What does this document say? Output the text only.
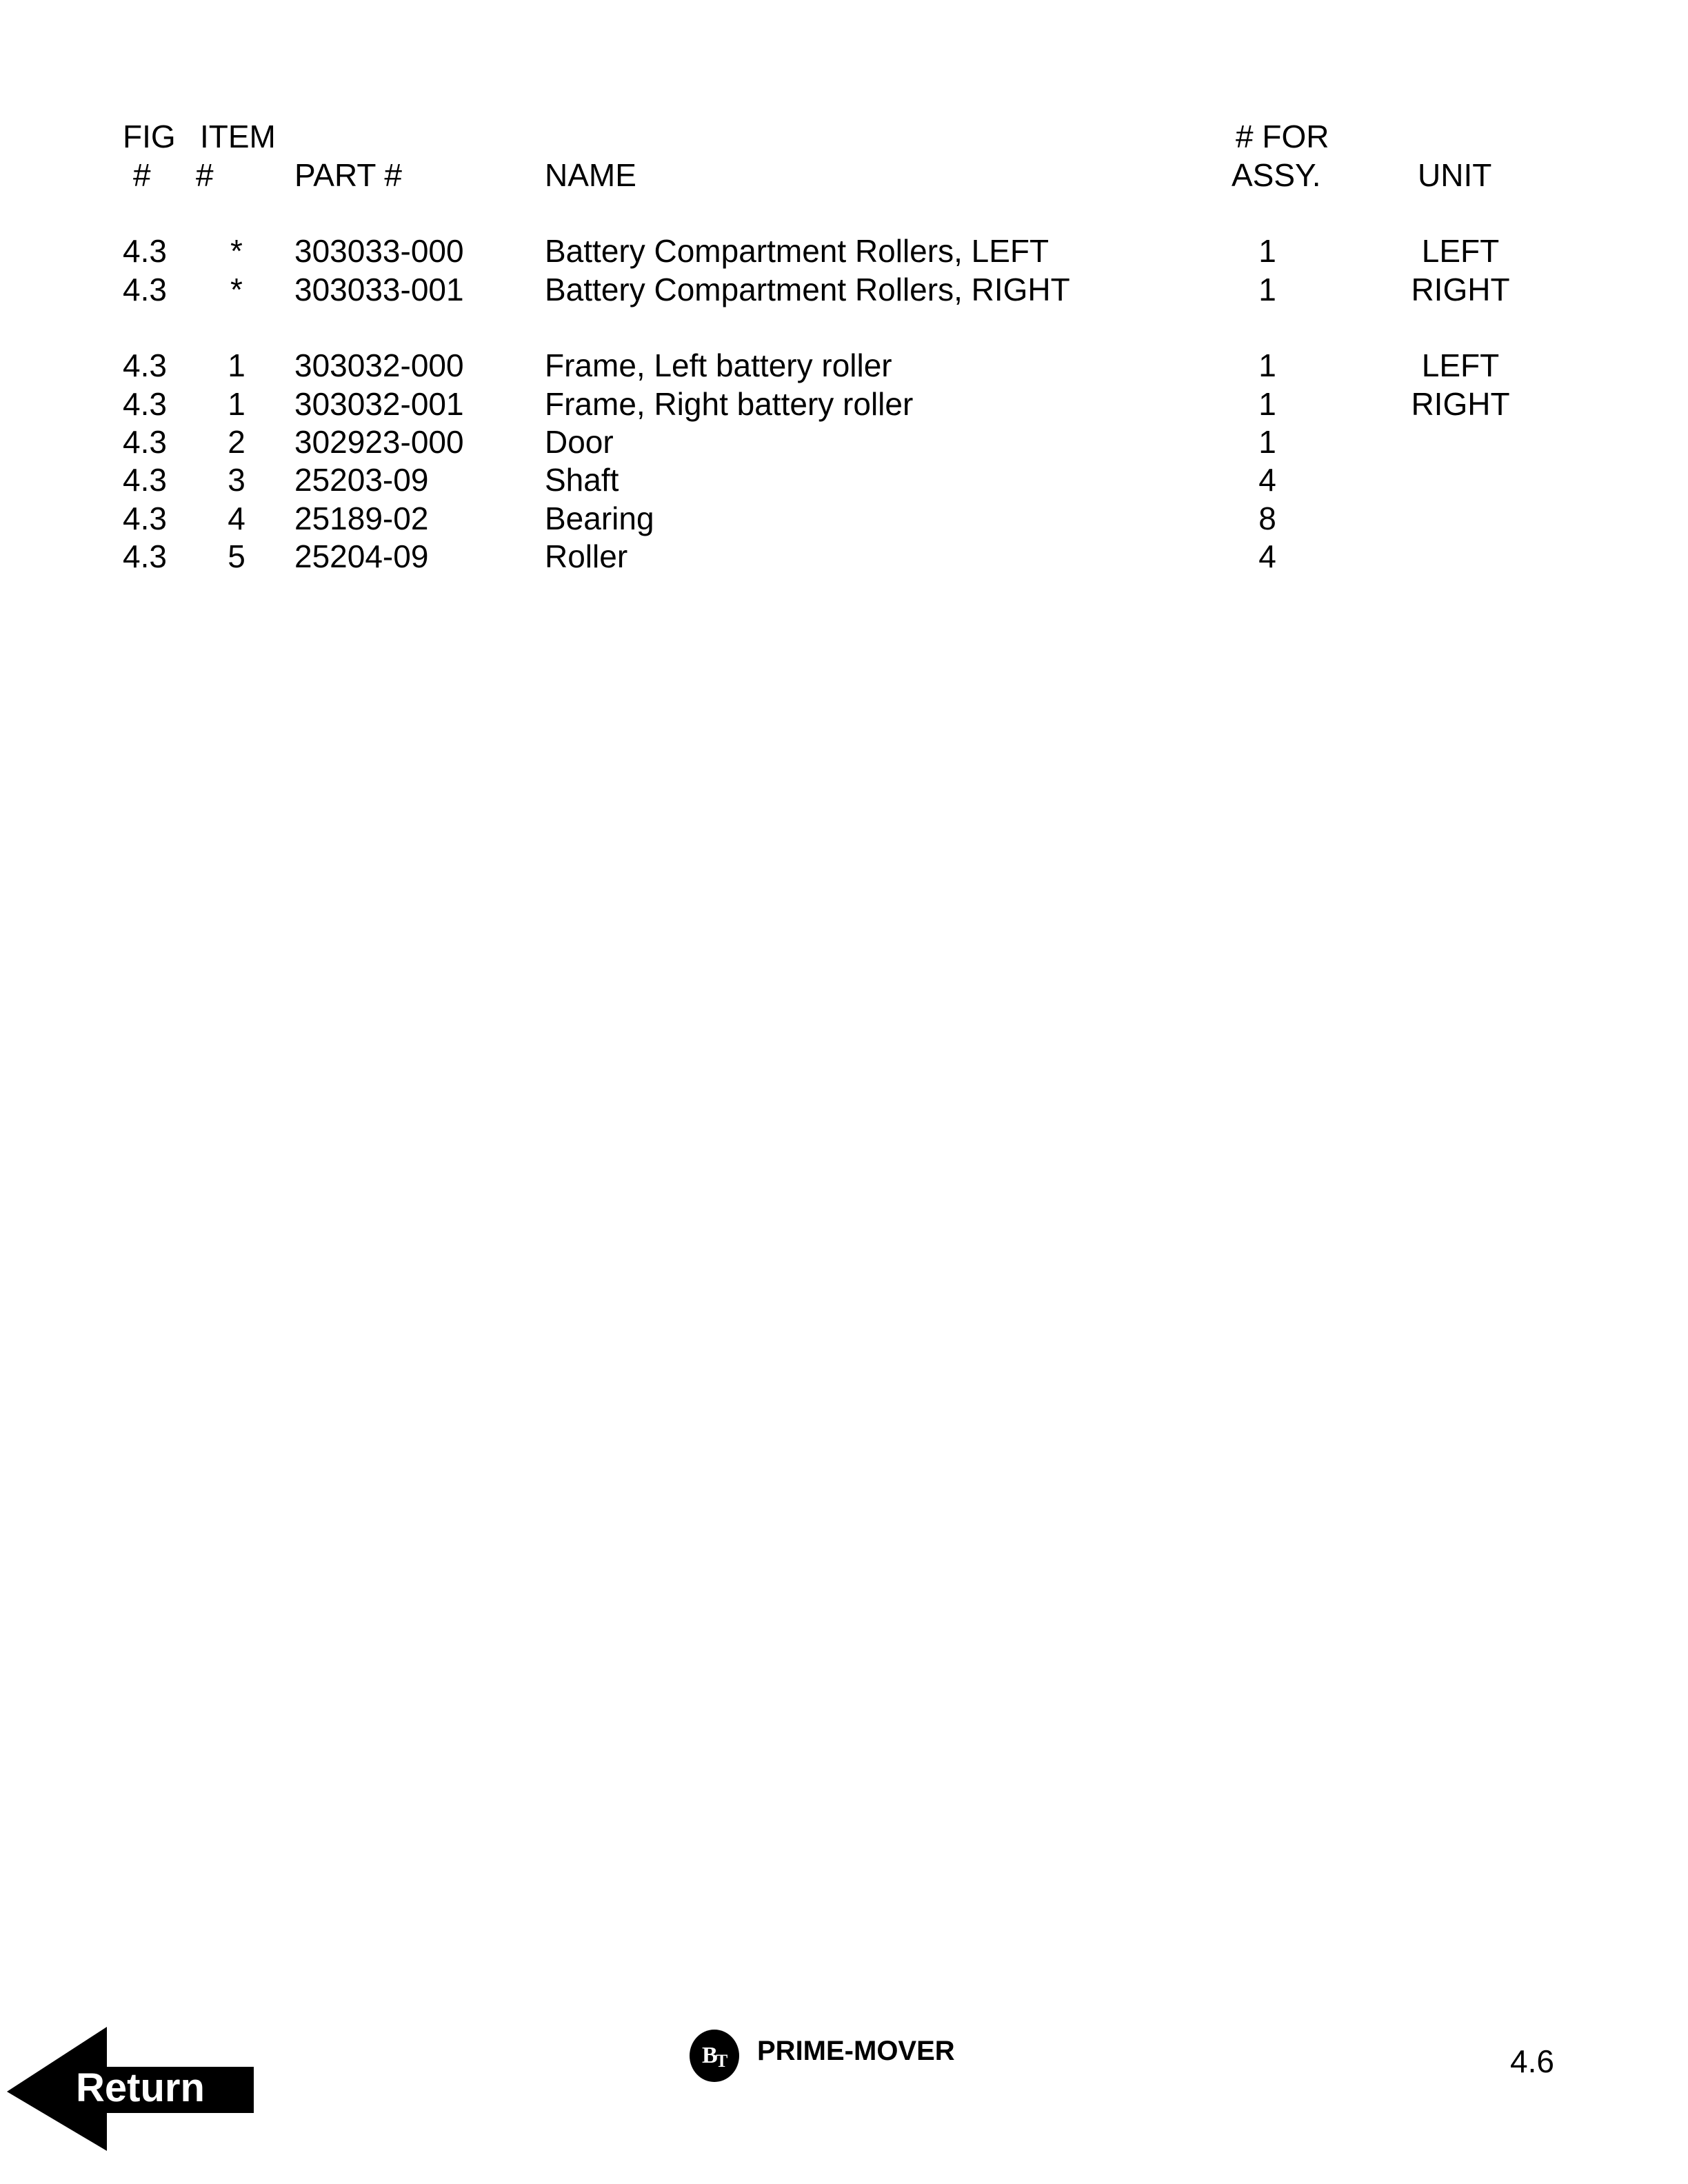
FIG
#
ITEM
#	PART #	NAME
# FOR
ASSY.	UNIT
4.3 * 303033-000	Battery Compartment Rollers, LEFT	1	LEFT
4.3 * 303033-001	Battery Compartment Rollers, RIGHT	1	RIGHT
4.3 1 303032-000	Frame, Left battery roller	1	LEFT
4.3 1 303032-001	Frame, Right battery roller	1	RIGHT
4.3 2 302923-000	Door	1
4.3 3 25203-09	Shaft	4
4.3 4 25189-02	Bearing	8
4.3 5 25204-09	Roller	4
MARCH 1995
Return
B
T PRIME-MOVER	4.6
